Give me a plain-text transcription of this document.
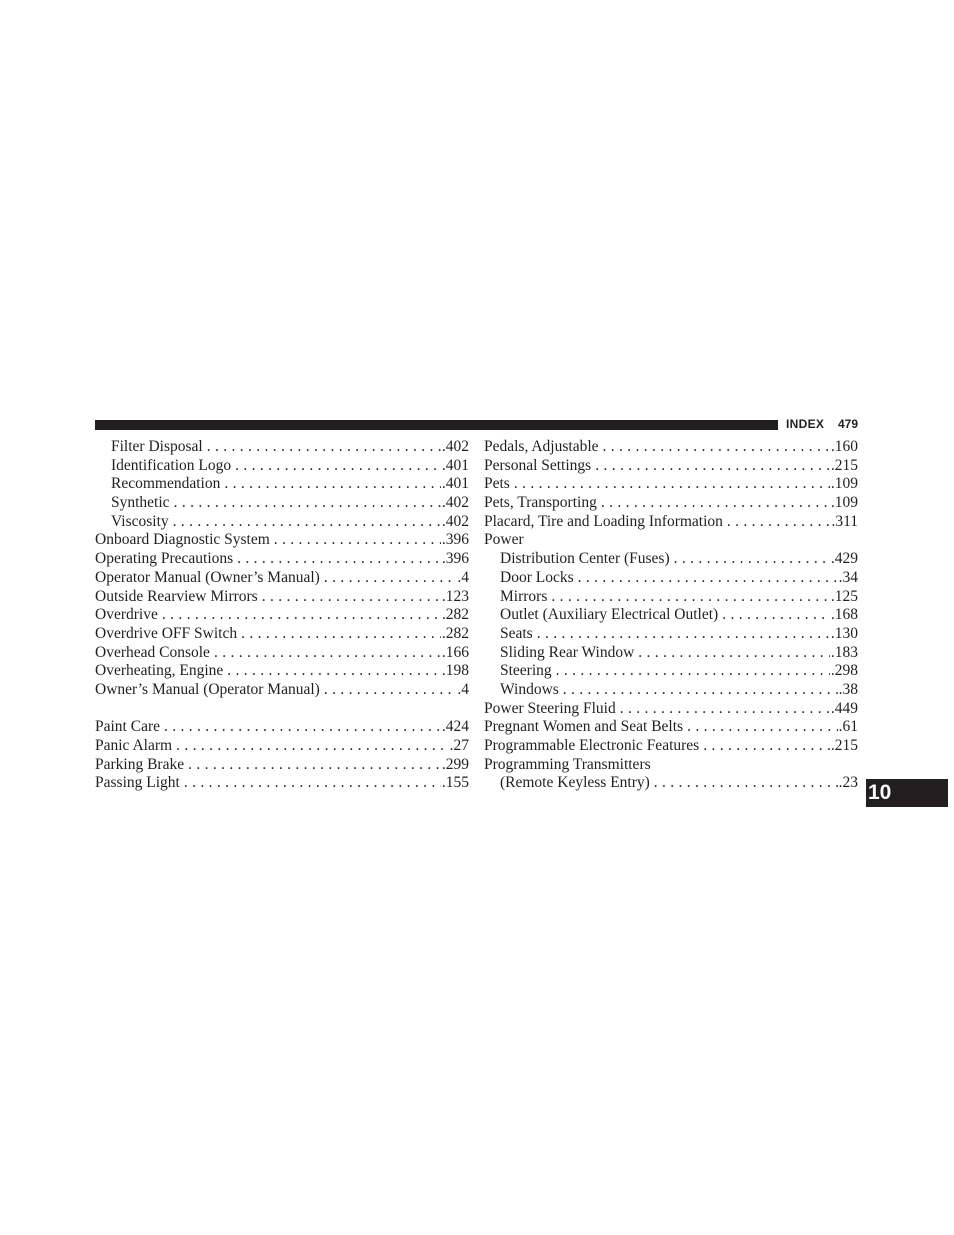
INDEX 479
Filter Disposal . . .	.402
Identification Logo . . .	.401
Recommendation . . .	.401
Synthetic . . .	.402
Viscosity . . .	.402
Onboard Diagnostic System . . .	.396
Operating Precautions . . .	.396
Operator Manual (Owner’s Manual) . . .	.4
Outside Rearview Mirrors . . .	.123
Overdrive . . .	.282
Overdrive OFF Switch . . .	.282
Overhead Console . . .	.166
Overheating, Engine . . .	.198
Owner’s Manual (Operator Manual) . . .	.4
Paint Care . . .	.424
Panic Alarm . . .	.27
Parking Brake . . .	.299
Passing Light . . .	.155
Pedals, Adjustable . . .	.160
Personal Settings . . .	.215
Pets . . .	.109
Pets, Transporting . . .	.109
Placard, Tire and Loading Information . . .	.311
Power
Distribution Center (Fuses) . . .	.429
Door Locks . . .	.34
Mirrors . . .	.125
Outlet (Auxiliary Electrical Outlet) . . .	.168
Seats . . .	.130
Sliding Rear Window . . .	.183
Steering . . .	.298
Windows . . .	.38
Power Steering Fluid . . .	.449
Pregnant Women and Seat Belts . . .	.61
Programmable Electronic Features . . .	.215
Programming Transmitters
(Remote Keyless Entry) . . .	.23 10
